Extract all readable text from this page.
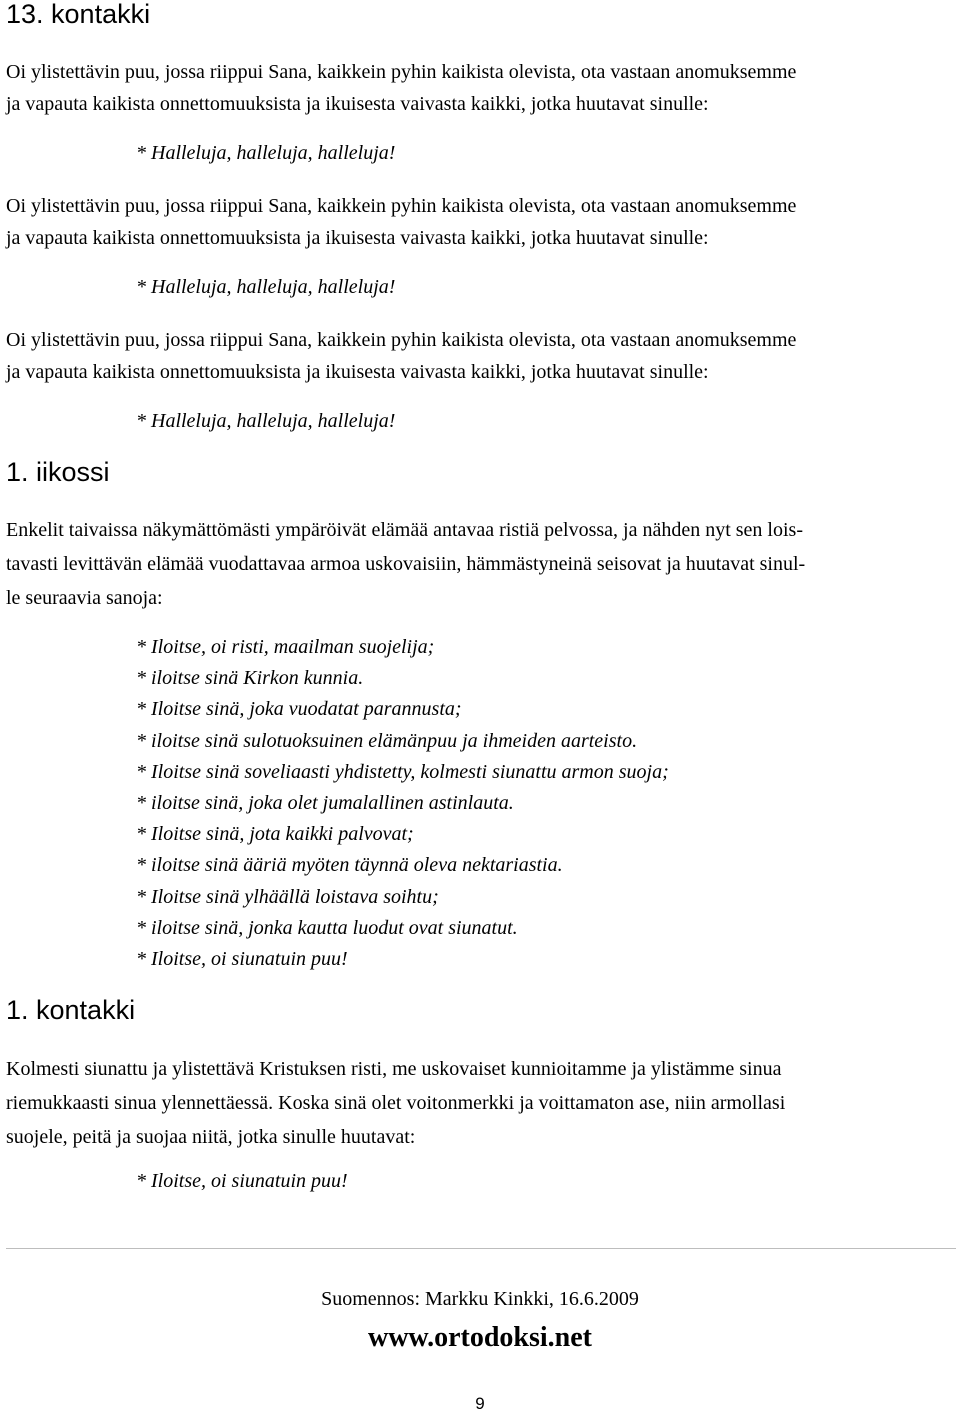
13. kontakki
Oi ylistettävin puu, jossa riippui Sana, kaikkein pyhin kaikista olevista, ota vastaan anomuksemme
ja vapauta kaikista onnettomuuksista ja ikuisesta vaivasta kaikki, jotka huutavat sinulle:
* Halleluja, halleluja, halleluja!
Oi ylistettävin puu, jossa riippui Sana, kaikkein pyhin kaikista olevista, ota vastaan anomuksemme
ja vapauta kaikista onnettomuuksista ja ikuisesta vaivasta kaikki, jotka huutavat sinulle:
* Halleluja, halleluja, halleluja!
Oi ylistettävin puu, jossa riippui Sana, kaikkein pyhin kaikista olevista, ota vastaan anomuksemme
ja vapauta kaikista onnettomuuksista ja ikuisesta vaivasta kaikki, jotka huutavat sinulle:
* Halleluja, halleluja, halleluja!
1. iikossi
Enkelit taivaissa näkymättömästi ympäröivät elämää antavaa ristiä pelvossa, ja nähden nyt sen lois-
tavasti levittävän elämää vuodattavaa armoa uskovaisiin, hämmästyneinä seisovat ja huutavat sinul-
le seuraavia sanoja:
* Iloitse, oi risti, maailman suojelija;
* iloitse sinä Kirkon kunnia.
* Iloitse sinä, joka vuodatat parannusta;
* iloitse sinä sulotuoksuinen elämänpuu ja ihmeiden aarteisto.
* Iloitse sinä soveliaasti yhdistetty, kolmesti siunattu armon suoja;
* iloitse sinä, joka olet jumalallinen astinlauta.
* Iloitse sinä, jota kaikki palvovat;
* iloitse sinä ääriä myöten täynnä oleva nektariastia.
* Iloitse sinä ylhäällä loistava soihtu;
* iloitse sinä, jonka kautta luodut ovat siunatut.
* Iloitse, oi siunatuin puu!
1. kontakki
Kolmesti siunattu ja ylistettävä Kristuksen risti, me uskovaiset kunnioitamme ja ylistämme sinua
riemukkaasti sinua ylennettäessä. Koska sinä olet voitonmerkki ja voittamaton ase, niin armollasi
suojele, peitä ja suojaa niitä, jotka sinulle huutavat:
* Iloitse, oi siunatuin puu!
Suomennos: Markku Kinkki, 16.6.2009
www.ortodoksi.net
9
